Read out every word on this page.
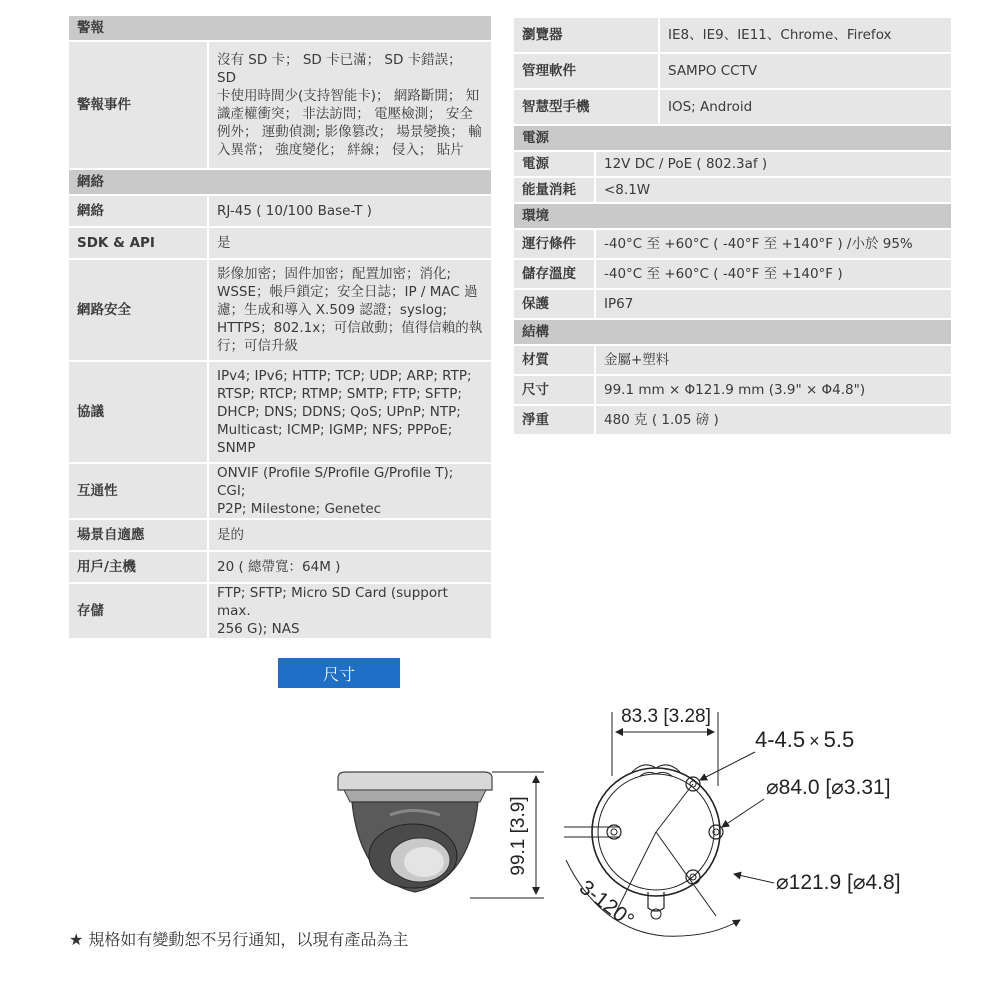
警報	
警報事件	沒有 SD 卡； SD 卡已滿； SD 卡錯誤； SD
卡使用時間少(支持智能卡)； 網路斷開； 知
識產權衝突； 非法訪問； 電壓檢測； 安全
例外； 運動偵測; 影像篡改； 場景變換； 輸
入異常； 強度變化； 絆線； 侵入； 貼片

網絡	
網絡	RJ-45 ( 10/100 Base-T )
SDK & API	是
網路安全	影像加密；固件加密；配置加密；消化;
WSSE；帳戶鎖定；安全日誌；IP / MAC 過
濾；生成和導入 X.509 認證；syslog;
HTTPS；802.1x；可信啟動；值得信賴的執
行；可信升級

協議	IPv4; IPv6; HTTP; TCP; UDP; ARP; RTP;
RTSP; RTCP; RTMP; SMTP; FTP; SFTP;
DHCP; DNS; DDNS; QoS; UPnP; NTP;
Multicast; ICMP; IGMP; NFS; PPPoE;
SNMP

互通性	ONVIF (Profile S/Profile G/Profile T); CGI;
P2P; Milestone; Genetec

場景自適應	是的
用戶/主機	20 ( 總帶寬：64M )
存儲	FTP; SFTP; Micro SD Card (support max.
256 G); NAS
瀏覽器		IE8、IE9、IE11、Chrome、Firefox
管理軟件		SAMPO CCTV
智慧型手機		IOS; Android
電源		
電源	12V DC / PoE ( 802.3af )	
能量消耗	<8.1W	
環境		
運行條件	-40°C 至 +60°C ( -40°F 至 +140°F ) /小於 95%	
儲存溫度	-40°C 至 +60°C ( -40°F 至 +140°F )	
保護	IP67	
結構		
材質	金屬+塑料	
尺寸	99.1 mm × Φ121.9 mm (3.9" × Φ4.8")	
淨重	480 克 ( 1.05 磅 )	
尺寸
99.1 [3.9]
83.3 [3.28]
4-4.5 × 5.5
⌀84.0 [⌀3.31]
⌀121.9 [⌀4.8]
3-120°
★ 規格如有變動恕不另行通知，以現有產品為主
